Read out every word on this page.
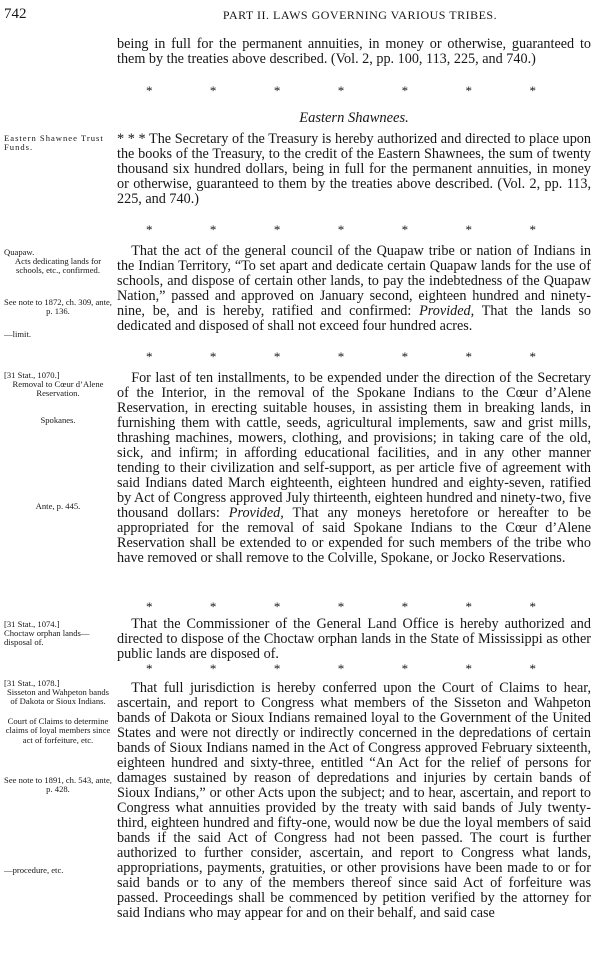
742	PART II. LAWS GOVERNING VARIOUS TRIBES.

being in full for the permanent annuities, in money or otherwise, guaranteed to them by the treaties above described. (Vol. 2, pp. 100, 113, 225, and 740.)

*	*	*	*	*	*	*
Eastern Shawnees.

Eastern Shawnee Trust Funds.

* * * The Secretary of the Treasury is hereby authorized and directed to place upon the books of the Treasury, to the credit of the Eastern Shawnees, the sum of twenty thousand six hundred dollars, being in full for the permanent annuities, in money or otherwise, guaranteed to them by the treaties above described. (Vol. 2, pp. 113, 225, and 740.)

*	*	*	*	*	*	*

Quapaw.

Acts dedicating lands for schools, etc., confirmed.

See note to 1872, ch. 309, ante, p. 136.

—limit.

 That the act of the general council of the Quapaw tribe or nation of Indians in the Indian Territory, “To set apart and dedicate certain Quapaw lands for the use of schools, and dispose of certain other lands, to pay the indebtedness of the Quapaw Nation,” passed and approved on January second, eighteen hundred and ninety-nine, be, and is hereby, ratified and confirmed: Provided, That the lands so dedicated and disposed of shall not exceed four hundred acres.

*	*	*	*	*	*	*

[31 Stat., 1070.]

Removal to Cœur d’Alene Reservation.

Spokanes.

Ante, p. 445.

 For last of ten installments, to be expended under the direction of the Secretary of the Interior, in the removal of the Spokane Indians to the Cœur d’Alene Reservation, in erecting suitable houses, in assisting them in breaking lands, in furnishing them with cattle, seeds, agricultural implements, saw and grist mills, thrashing machines, mowers, clothing, and provisions; in taking care of the old, sick, and infirm; in affording educational facilities, and in any other manner tending to their civilization and self-support, as per article five of agreement with said Indians dated March eighteenth, eighteen hundred and eighty-seven, ratified by Act of Congress approved July thirteenth, eighteen hundred and ninety-two, five thousand dollars: Provided, That any moneys heretofore or hereafter to be appropriated for the removal of said Spokane Indians to the Cœur d’Alene Reservation shall be extended to or expended for such members of the tribe who have removed or shall remove to the Colville, Spokane, or Jocko Reservations.

*	*	*	*	*	*	*

[31 Stat., 1074.]

Choctaw orphan lands—disposal of.

 That the Commissioner of the General Land Office is hereby authorized and directed to dispose of the Choctaw orphan lands in the State of Mississippi as other public lands are disposed of.

*	*	*	*	*	*	*

[31 Stat., 1078.]

Sisseton and Wahpeton bands of Dakota or Sioux Indians.

Court of Claims to determine claims of loyal members since act of forfeiture, etc.

See note to 1891, ch. 543, ante, p. 428.

—procedure, etc.

 That full jurisdiction is hereby conferred upon the Court of Claims to hear, ascertain, and report to Congress what members of the Sisseton and Wahpeton bands of Dakota or Sioux Indians remained loyal to the Government of the United States and were not directly or indirectly concerned in the depredations of certain bands of Sioux Indians named in the Act of Congress approved February sixteenth, eighteen hundred and sixty-three, entitled “An Act for the relief of persons for damages sustained by reason of depredations and injuries by certain bands of Sioux Indians,” or other Acts upon the subject; and to hear, ascertain, and report to Congress what annuities provided by the treaty with said bands of July twenty-third, eighteen hundred and fifty-one, would now be due the loyal members of said bands if the said Act of Congress had not been passed. The court is further authorized to further consider, ascertain, and report to Congress what lands, appropriations, payments, gratuities, or other provisions have been made to or for said bands or to any of the members thereof since said Act of forfeiture was passed. Proceedings shall be commenced by petition verified by the attorney for said Indians who may appear for and on their behalf, and said case
